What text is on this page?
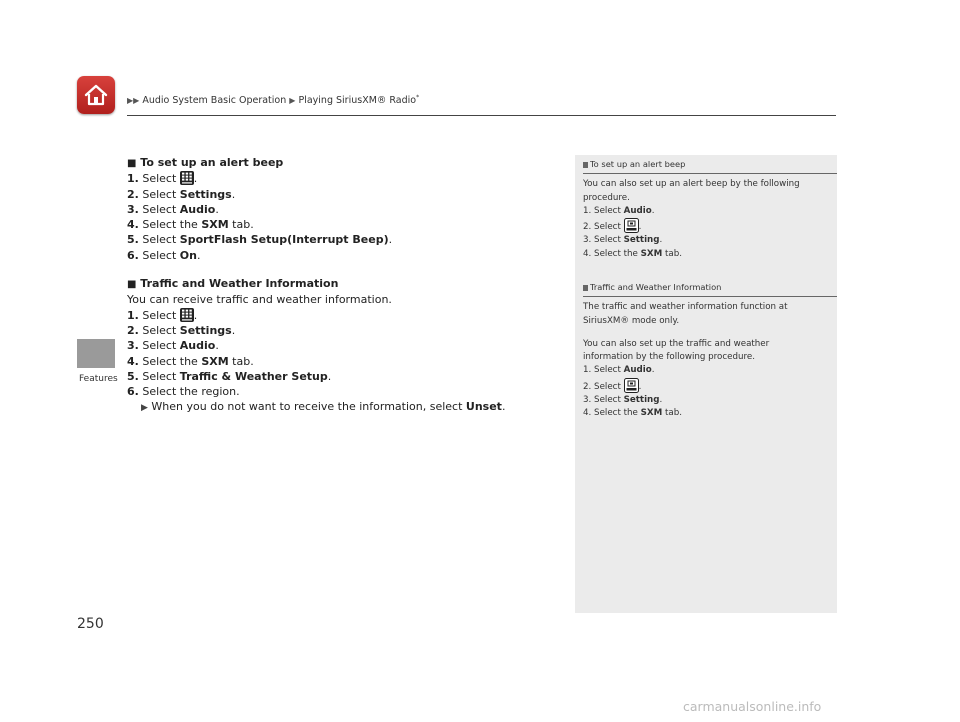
▶▶ Audio System Basic Operation ▶ Playing SiriusXM® Radio*
Features
■ To set up an alert beep
1. Select .
2. Select Settings.
3. Select Audio.
4. Select the SXM tab.
5. Select SportFlash Setup(Interrupt Beep).
6. Select On.
■ Traffic and Weather Information
You can receive traffic and weather information.
1. Select .
2. Select Settings.
3. Select Audio.
4. Select the SXM tab.
5. Select Traffic & Weather Setup.
6. Select the region.
▶ When you do not want to receive the information, select Unset.
To set up an alert beep
You can also set up an alert beep by the following procedure.
1. Select Audio.
2. Select .
3. Select Setting.
4. Select the SXM tab.
Traffic and Weather Information
The traffic and weather information function at SiriusXM® mode only.
You can also set up the traffic and weather information by the following procedure.
1. Select Audio.
2. Select .
3. Select Setting.
4. Select the SXM tab.
250
carmanualsonline.info
